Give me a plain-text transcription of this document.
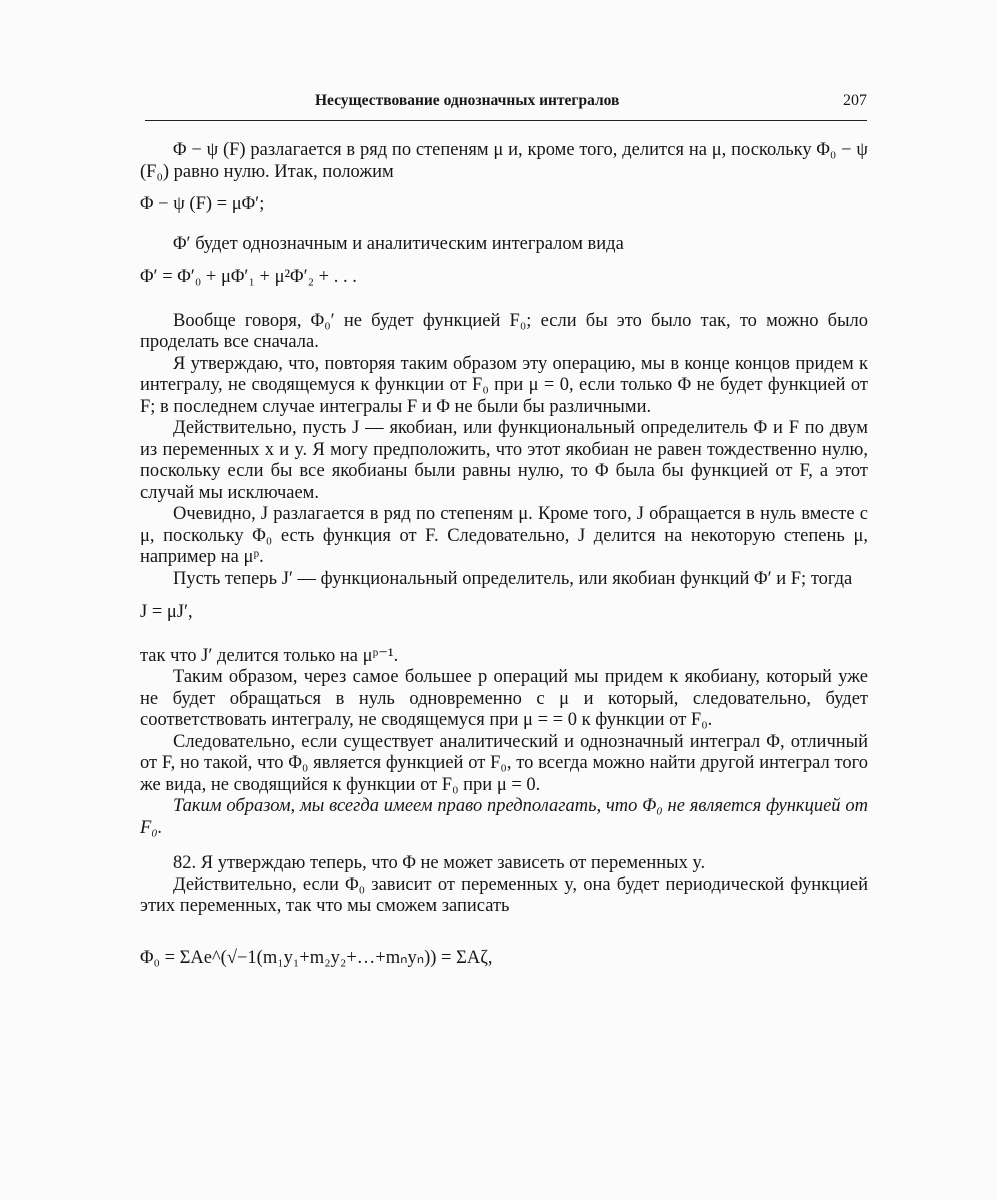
Несуществование однозначных интегралов	207

Φ − ψ (F) разлагается в ряд по степеням μ и, кроме того, делится на μ, поскольку Φ₀ − ψ (F₀) равно нулю. Итак, положим

Φ − ψ (F) = μΦ′;

Φ′ будет однозначным и аналитическим интегралом вида

Φ′ = Φ′₀ + μΦ′₁ + μ²Φ′₂ + . . .

Вообще говоря, Φ₀′ не будет функцией F₀; если бы это было так, то можно было проделать все сначала.

Я утверждаю, что, повторяя таким образом эту операцию, мы в конце концов придем к интегралу, не сводящемуся к функции от F₀ при μ = 0, если только Φ не будет функцией от F; в последнем случае интегралы F и Φ не были бы различными.

Действительно, пусть J — якобиан, или функциональный определитель Φ и F по двум из переменных x и y. Я могу предположить, что этот якобиан не равен тождественно нулю, поскольку если бы все якобианы были равны нулю, то Φ была бы функцией от F, а этот случай мы исключаем.

Очевидно, J разлагается в ряд по степеням μ. Кроме того, J обращается в нуль вместе с μ, поскольку Φ₀ есть функция от F. Следовательно, J делится на некоторую степень μ, например на μᵖ.

Пусть теперь J′ — функциональный определитель, или якобиан функций Φ′ и F; тогда

J = μJ′,

так что J′ делится только на μᵖ⁻¹.

Таким образом, через самое большее p операций мы придем к якобиану, который уже не будет обращаться в нуль одновременно с μ и который, следовательно, будет соответствовать интегралу, не сводящемуся при μ = = 0 к функции от F₀.

Следовательно, если существует аналитический и однозначный интеграл Φ, отличный от F, но такой, что Φ₀ является функцией от F₀, то всегда можно найти другой интеграл того же вида, не сводящийся к функции от F₀ при μ = 0.

Таким образом, мы всегда имеем право предполагать, что Φ₀ не является функцией от F₀.

82. Я утверждаю теперь, что Φ не может зависеть от переменных y.

Действительно, если Φ₀ зависит от переменных y, она будет периодической функцией этих переменных, так что мы сможем записать

Φ₀ = ΣAe^(√−1(m₁y₁+m₂y₂+…+mₙyₙ)) = ΣAζ,
